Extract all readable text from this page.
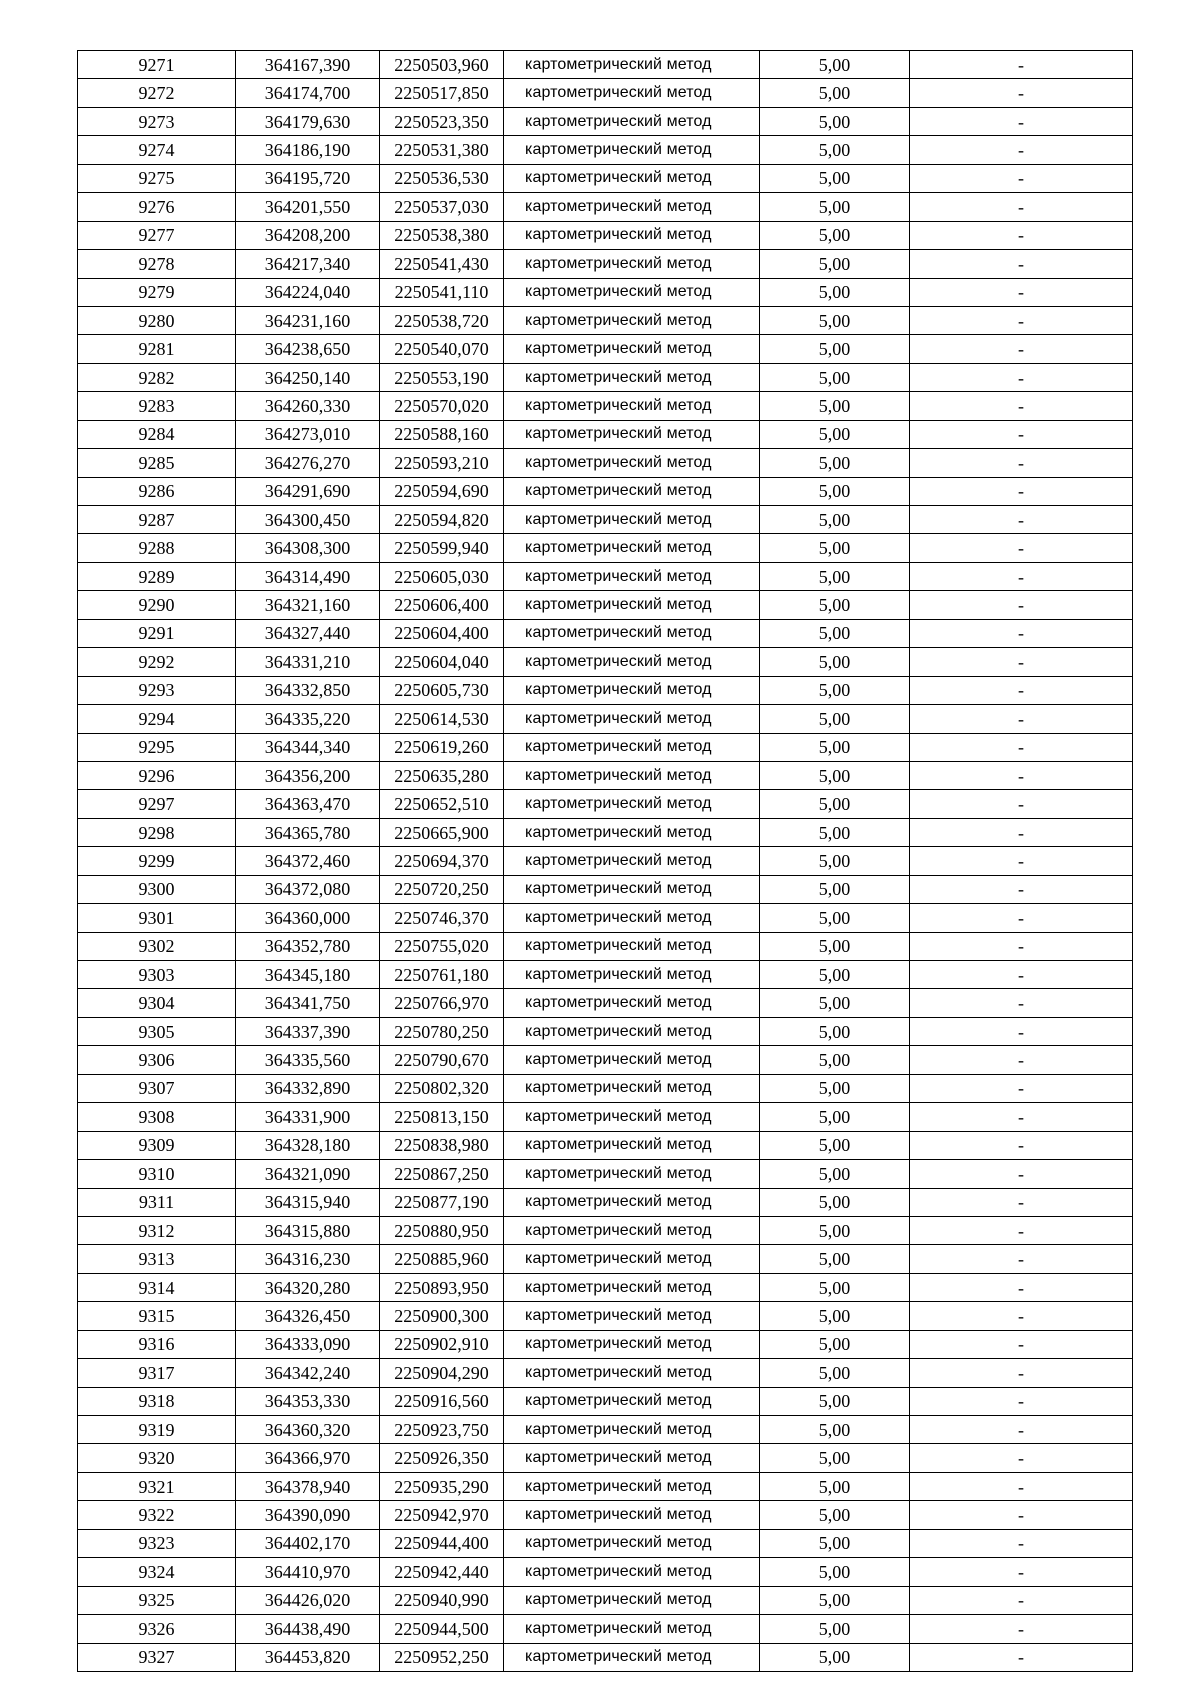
9271	364167,390	2250503,960	картометрический метод	5,00	-
9272	364174,700	2250517,850	картометрический метод	5,00	-
9273	364179,630	2250523,350	картометрический метод	5,00	-
9274	364186,190	2250531,380	картометрический метод	5,00	-
9275	364195,720	2250536,530	картометрический метод	5,00	-
9276	364201,550	2250537,030	картометрический метод	5,00	-
9277	364208,200	2250538,380	картометрический метод	5,00	-
9278	364217,340	2250541,430	картометрический метод	5,00	-
9279	364224,040	2250541,110	картометрический метод	5,00	-
9280	364231,160	2250538,720	картометрический метод	5,00	-
9281	364238,650	2250540,070	картометрический метод	5,00	-
9282	364250,140	2250553,190	картометрический метод	5,00	-
9283	364260,330	2250570,020	картометрический метод	5,00	-
9284	364273,010	2250588,160	картометрический метод	5,00	-
9285	364276,270	2250593,210	картометрический метод	5,00	-
9286	364291,690	2250594,690	картометрический метод	5,00	-
9287	364300,450	2250594,820	картометрический метод	5,00	-
9288	364308,300	2250599,940	картометрический метод	5,00	-
9289	364314,490	2250605,030	картометрический метод	5,00	-
9290	364321,160	2250606,400	картометрический метод	5,00	-
9291	364327,440	2250604,400	картометрический метод	5,00	-
9292	364331,210	2250604,040	картометрический метод	5,00	-
9293	364332,850	2250605,730	картометрический метод	5,00	-
9294	364335,220	2250614,530	картометрический метод	5,00	-
9295	364344,340	2250619,260	картометрический метод	5,00	-
9296	364356,200	2250635,280	картометрический метод	5,00	-
9297	364363,470	2250652,510	картометрический метод	5,00	-
9298	364365,780	2250665,900	картометрический метод	5,00	-
9299	364372,460	2250694,370	картометрический метод	5,00	-
9300	364372,080	2250720,250	картометрический метод	5,00	-
9301	364360,000	2250746,370	картометрический метод	5,00	-
9302	364352,780	2250755,020	картометрический метод	5,00	-
9303	364345,180	2250761,180	картометрический метод	5,00	-
9304	364341,750	2250766,970	картометрический метод	5,00	-
9305	364337,390	2250780,250	картометрический метод	5,00	-
9306	364335,560	2250790,670	картометрический метод	5,00	-
9307	364332,890	2250802,320	картометрический метод	5,00	-
9308	364331,900	2250813,150	картометрический метод	5,00	-
9309	364328,180	2250838,980	картометрический метод	5,00	-
9310	364321,090	2250867,250	картометрический метод	5,00	-
9311	364315,940	2250877,190	картометрический метод	5,00	-
9312	364315,880	2250880,950	картометрический метод	5,00	-
9313	364316,230	2250885,960	картометрический метод	5,00	-
9314	364320,280	2250893,950	картометрический метод	5,00	-
9315	364326,450	2250900,300	картометрический метод	5,00	-
9316	364333,090	2250902,910	картометрический метод	5,00	-
9317	364342,240	2250904,290	картометрический метод	5,00	-
9318	364353,330	2250916,560	картометрический метод	5,00	-
9319	364360,320	2250923,750	картометрический метод	5,00	-
9320	364366,970	2250926,350	картометрический метод	5,00	-
9321	364378,940	2250935,290	картометрический метод	5,00	-
9322	364390,090	2250942,970	картометрический метод	5,00	-
9323	364402,170	2250944,400	картометрический метод	5,00	-
9324	364410,970	2250942,440	картометрический метод	5,00	-
9325	364426,020	2250940,990	картометрический метод	5,00	-
9326	364438,490	2250944,500	картометрический метод	5,00	-
9327	364453,820	2250952,250	картометрический метод	5,00	-
